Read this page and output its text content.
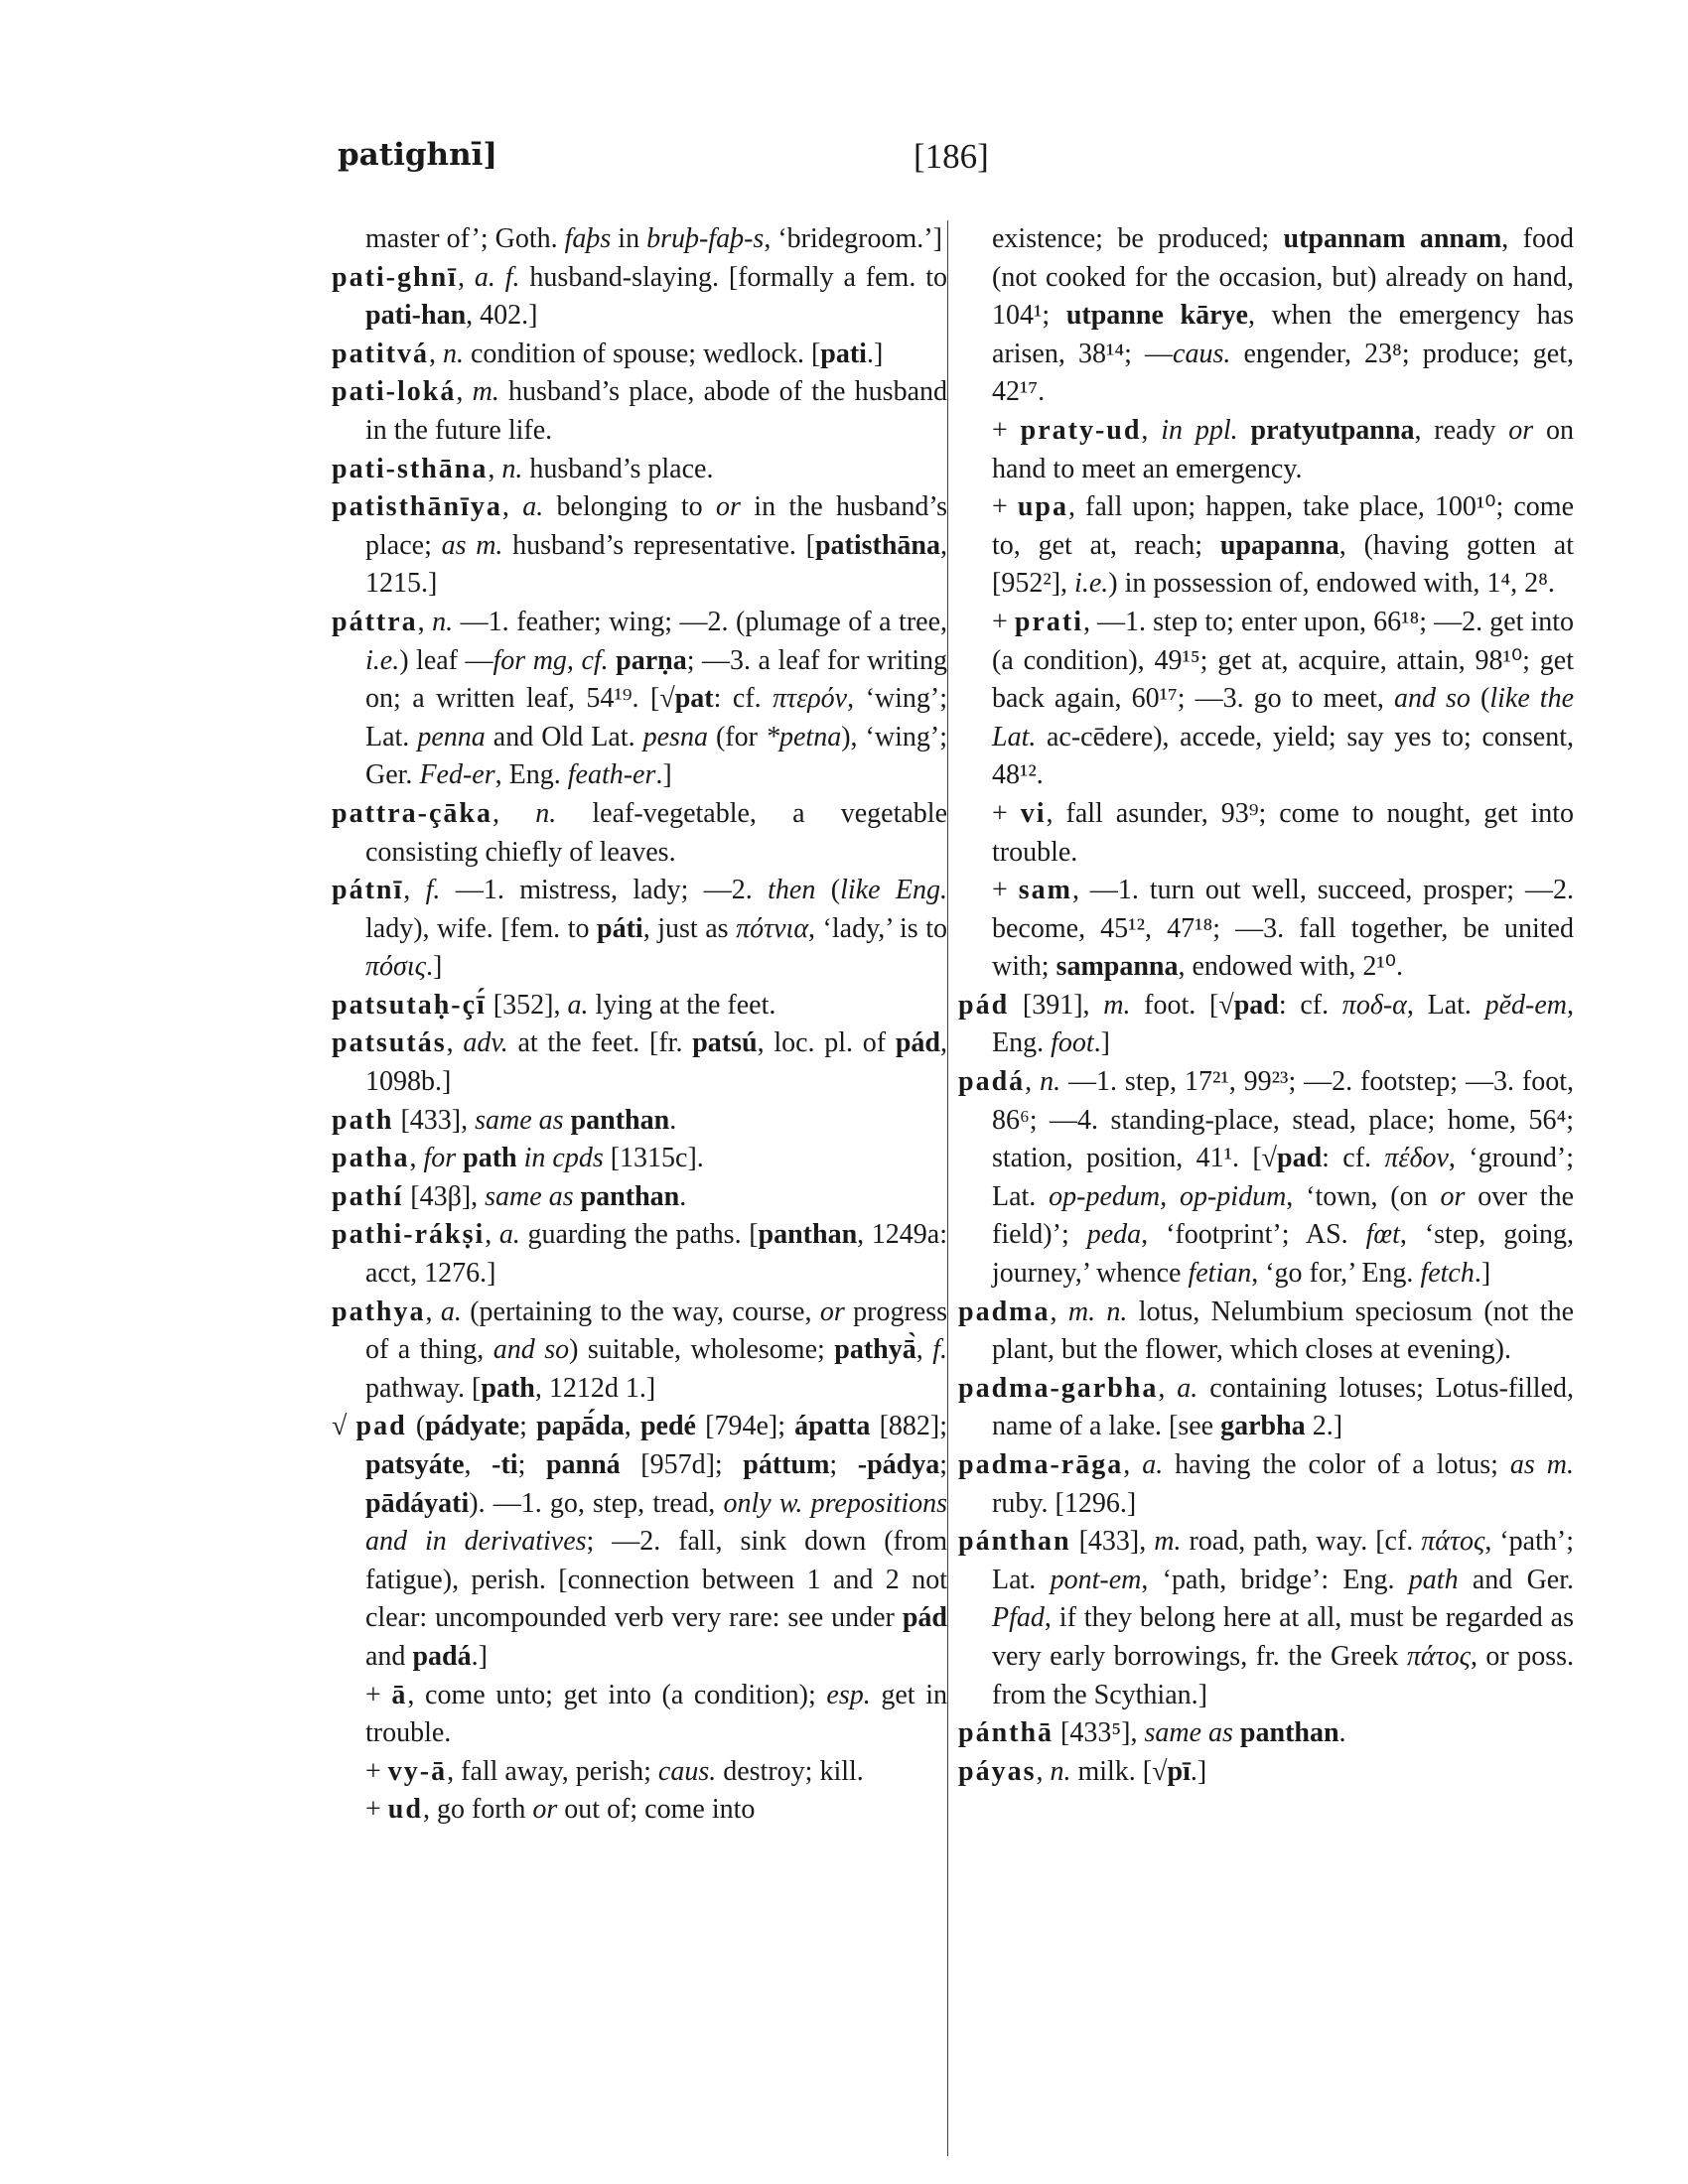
patighnī]	[186]
master of’; Goth. faþs in bruþ-faþ-s, ‘bridegroom.’]
pati-ghnī, a. f. husband-slaying. [formally a fem. to pati-han, 402.]
patitvá, n. condition of spouse; wedlock. [pati.]
pati-loká, m. husband’s place, abode of the husband in the future life.
pati-sthāna, n. husband’s place.
patisthānīya, a. belonging to or in the husband’s place; as m. husband’s representative. [patisthāna, 1215.]
páttra, n. —1. feather; wing; —2. (plumage of a tree, i.e.) leaf —for mg, cf. parṇa; —3. a leaf for writing on; a written leaf, 54¹⁹. [√pat: cf. πτερόν, ‘wing’; Lat. penna and Old Lat. pesna (for *petna), ‘wing’; Ger. Fed-er, Eng. feath-er.]
pattra-çāka, n. leaf-vegetable, a vegetable consisting chiefly of leaves.
pátnī, f. —1. mistress, lady; —2. then (like Eng. lady), wife. [fem. to páti, just as πότνια, ‘lady,’ is to πόσις.]
patsutaḥ-çī́ [352], a. lying at the feet.
patsutás, adv. at the feet. [fr. patsú, loc. pl. of pád, 1098b.]
path [433], same as panthan.
patha, for path in cpds [1315c].
pathí [43β], same as panthan.
pathi-rákṣi, a. guarding the paths. [panthan, 1249a: acct, 1276.]
pathya, a. (pertaining to the way, course, or progress of a thing, and so) suitable, wholesome; pathyā̀, f. pathway. [path, 1212d 1.]
√ pad (pádyate; papā́da, pedé [794e]; ápatta [882]; patsyáte, -ti; panná [957d]; páttum; -pádya; pādáyati). —1. go, step, tread, only w. prepositions and in derivatives; —2. fall, sink down (from fatigue), perish. [connection between 1 and 2 not clear: uncompounded verb very rare: see under pád and padá.]
+ ā, come unto; get into (a condition); esp. get in trouble.
+ vy-ā, fall away, perish; caus. destroy; kill.
+ ud, go forth or out of; come into
existence; be produced; utpannam annam, food (not cooked for the occasion, but) already on hand, 104¹; utpanne kārye, when the emergency has arisen, 38¹⁴; —caus. engender, 23⁸; produce; get, 42¹⁷.
+ praty-ud, in ppl. pratyutpanna, ready or on hand to meet an emergency.
+ upa, fall upon; happen, take place, 100¹⁰; come to, get at, reach; upapanna, (having gotten at [952²], i.e.) in possession of, endowed with, 1⁴, 2⁸.
+ prati, —1. step to; enter upon, 66¹⁸; —2. get into (a condition), 49¹⁵; get at, acquire, attain, 98¹⁰; get back again, 60¹⁷; —3. go to meet, and so (like the Lat. ac-cēdere), accede, yield; say yes to; consent, 48¹².
+ vi, fall asunder, 93⁹; come to nought, get into trouble.
+ sam, —1. turn out well, succeed, prosper; —2. become, 45¹², 47¹⁸; —3. fall together, be united with; sampanna, endowed with, 2¹⁰.
pád [391], m. foot. [√pad: cf. ποδ-α, Lat. pĕd-em, Eng. foot.]
padá, n. —1. step, 17²¹, 99²³; —2. footstep; —3. foot, 86⁶; —4. standing-place, stead, place; home, 56⁴; station, position, 41¹. [√pad: cf. πέδον, ‘ground’; Lat. op-pedum, op-pidum, ‘town, (on or over the field)’; peda, ‘footprint’; AS. fœt, ‘step, going, journey,’ whence fetian, ‘go for,’ Eng. fetch.]
padma, m. n. lotus, Nelumbium speciosum (not the plant, but the flower, which closes at evening).
padma-garbha, a. containing lotuses; Lotus-filled, name of a lake. [see garbha 2.]
padma-rāga, a. having the color of a lotus; as m. ruby. [1296.]
pánthan [433], m. road, path, way. [cf. πάτος, ‘path’; Lat. pont-em, ‘path, bridge’: Eng. path and Ger. Pfad, if they belong here at all, must be regarded as very early borrowings, fr. the Greek πάτος, or poss. from the Scythian.]
pánthā [433⁵], same as panthan.
páyas, n. milk. [√pī.]
